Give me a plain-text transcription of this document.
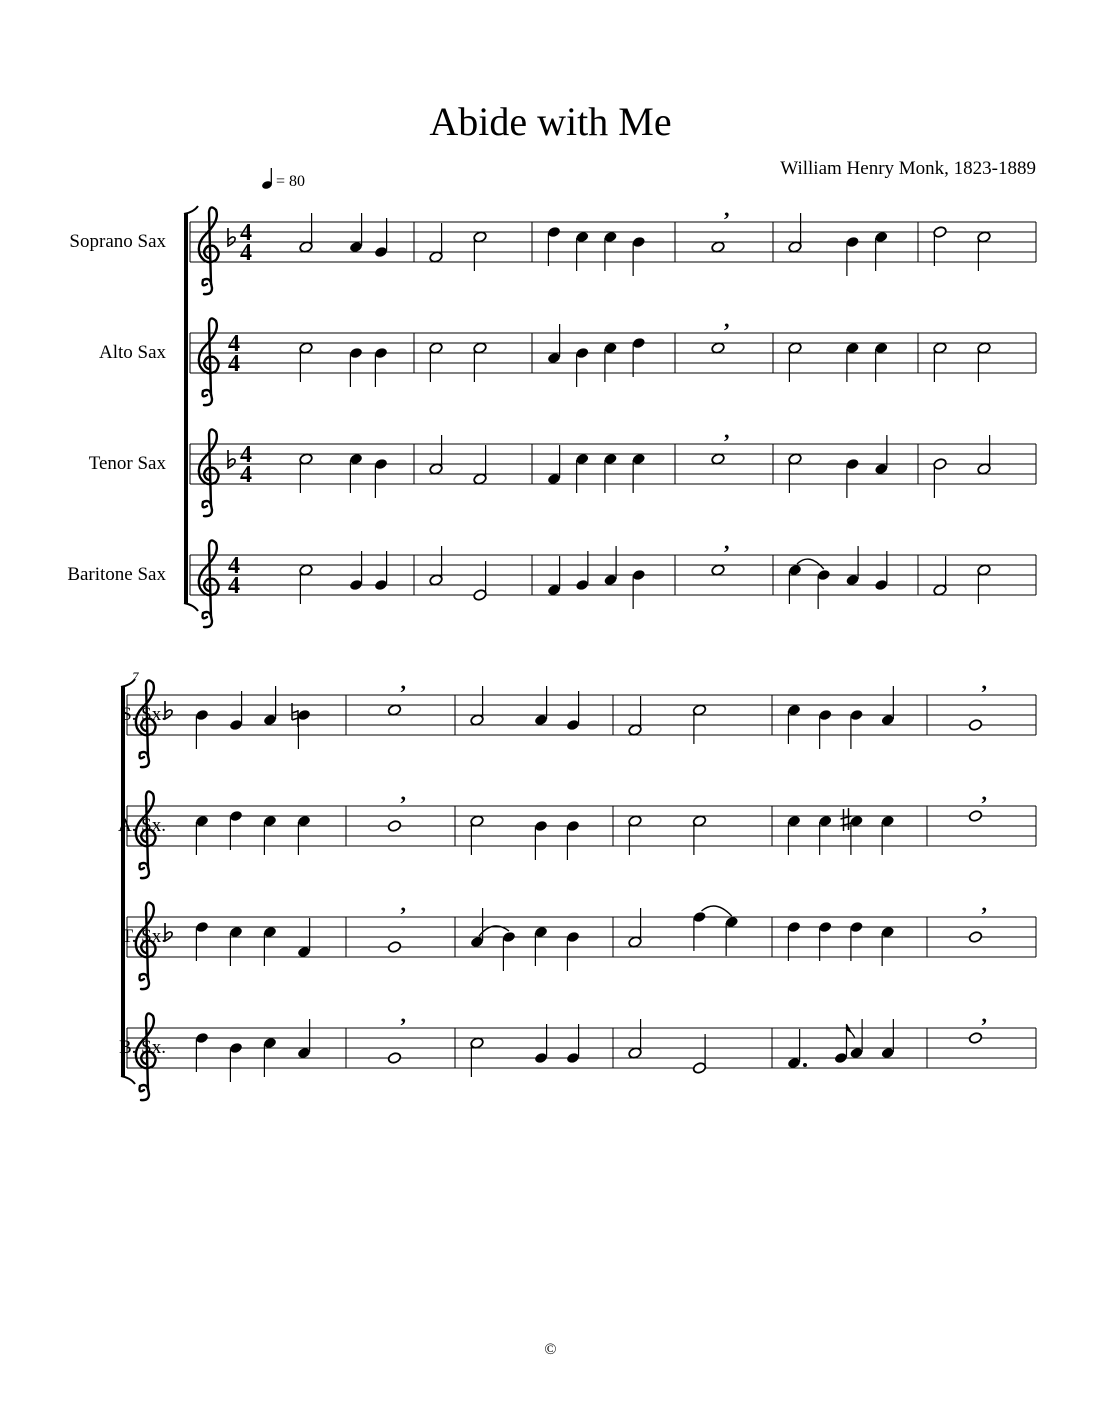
Abide with Me
William Henry Monk, 1823-1889
= 80
©
Soprano Sax	4
4
,
Alto Sax	4
4
,
Tenor Sax	4
4
,
Baritone Sax	4
4
,
7
S. Sx.
,	,
A. Sx.
,	,
T. Sx.
,	,
B. Sx.
,	,
